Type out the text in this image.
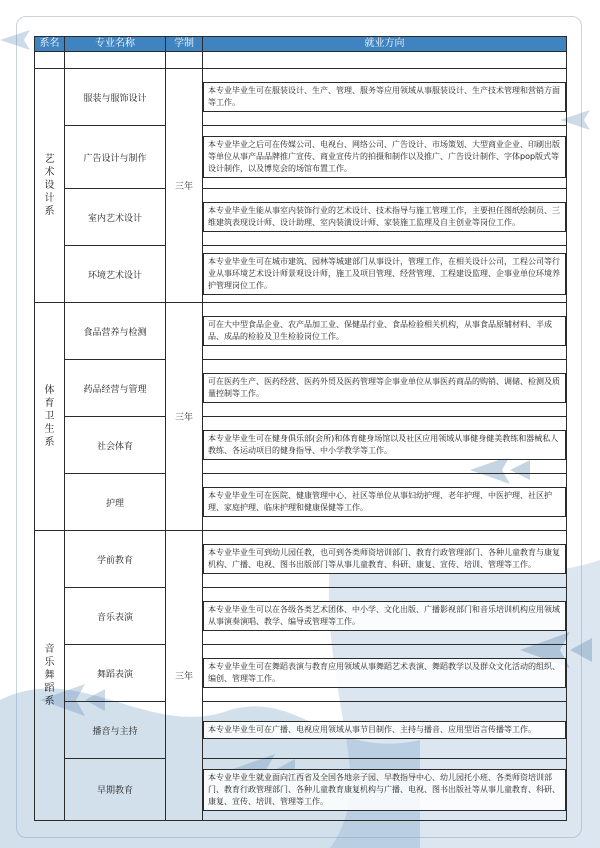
系名	专业名称	学制	就业方向

艺术设计系	服装与服饰设计	三年	本专业毕业生可在服装设计、生产、管理、服务等应用领域从事服装设计、生产技术管理和营销方面等工作。

	广告设计与制作		本专业毕业之后可在传媒公司、电视台、网络公司、广告设计、市场策划、大型商业企业、印刷出版等单位从事产品品牌推广宣传、商业宣传片的拍摄和制作以及推广、广告设计制作、字体pop版式等设计制作，以及博览会的场馆布置工作。

	室内艺术设计		本专业毕业生能从事室内装饰行业的艺术设计、技术指导与施工管理工作，主要担任图纸绘制员、三维建筑表现设计师、设计助理、室内装潢设计师、家装施工监理及自主创业等岗位工作。

	环境艺术设计		本专业毕业生可在城市建筑、园林等城建部门从事设计，管理工作，在相关设计公司，工程公司等行业从事环境艺术设计师景观设计师，施工及项目管理、经营管理、工程建设监理、企事业单位环境养护管理岗位工作。

体育卫生系	食品营养与检测	三年	可在大中型食品企业、农产品加工业、保健品行业、食品检验相关机构，从事食品原辅材料、半成品、成品的检验及卫生检验岗位工作。

	药品经营与管理		可在医药生产、医药经营、医药外贸及医药管理等企事业单位从事医药商品的购销、调储、检测及质量控制等工作。

	社会体育		本专业毕业生可在健身俱乐部(会所)和体育健身场馆以及社区应用领域从事健身健美教练和器械私人教练、各运动项目的健身指导、中小学教学等工作。

	护理		本专业毕业生可在医院、健康管理中心、社区等单位从事妇幼护理、老年护理、中医护理、社区护理、家庭护理、临床护理和健康保健等工作。

音乐舞蹈系	学前教育	三年	本专业毕业生可到幼儿园任教，也可到各类师资培训部门、教育行政管理部门、各种儿童教育与康复机构、广播、电视、图书出版部门等从事儿童教育、科研、康复、宣传、培训、管理等工作。

	音乐表演		本专业毕业生可以在各级各类艺术团体、中小学、文化出版、广播影视部门和音乐培训机构应用领域从事演奏演唱、教学、编导或管理等工作。

	舞蹈表演		本专业毕业生可在舞蹈表演与教育应用领域从事舞蹈艺术表演、舞蹈教学以及群众文化活动的组织、编创、管理等工作。

	播音与主持		本专业毕业生可在广播、电视应用领域从事节目制作、主持与播音、应用型语言传播等工作。

	早期教育		本专业毕业生就业面向江西省及全国各地亲子园、早教指导中心、幼儿园托小班、各类师资培训部门、教育行政管理部门、各种儿童教育康复机构与广播、电视、图书出版社等从事儿童教育、科研、康复、宣传、培训、管理等工作。
